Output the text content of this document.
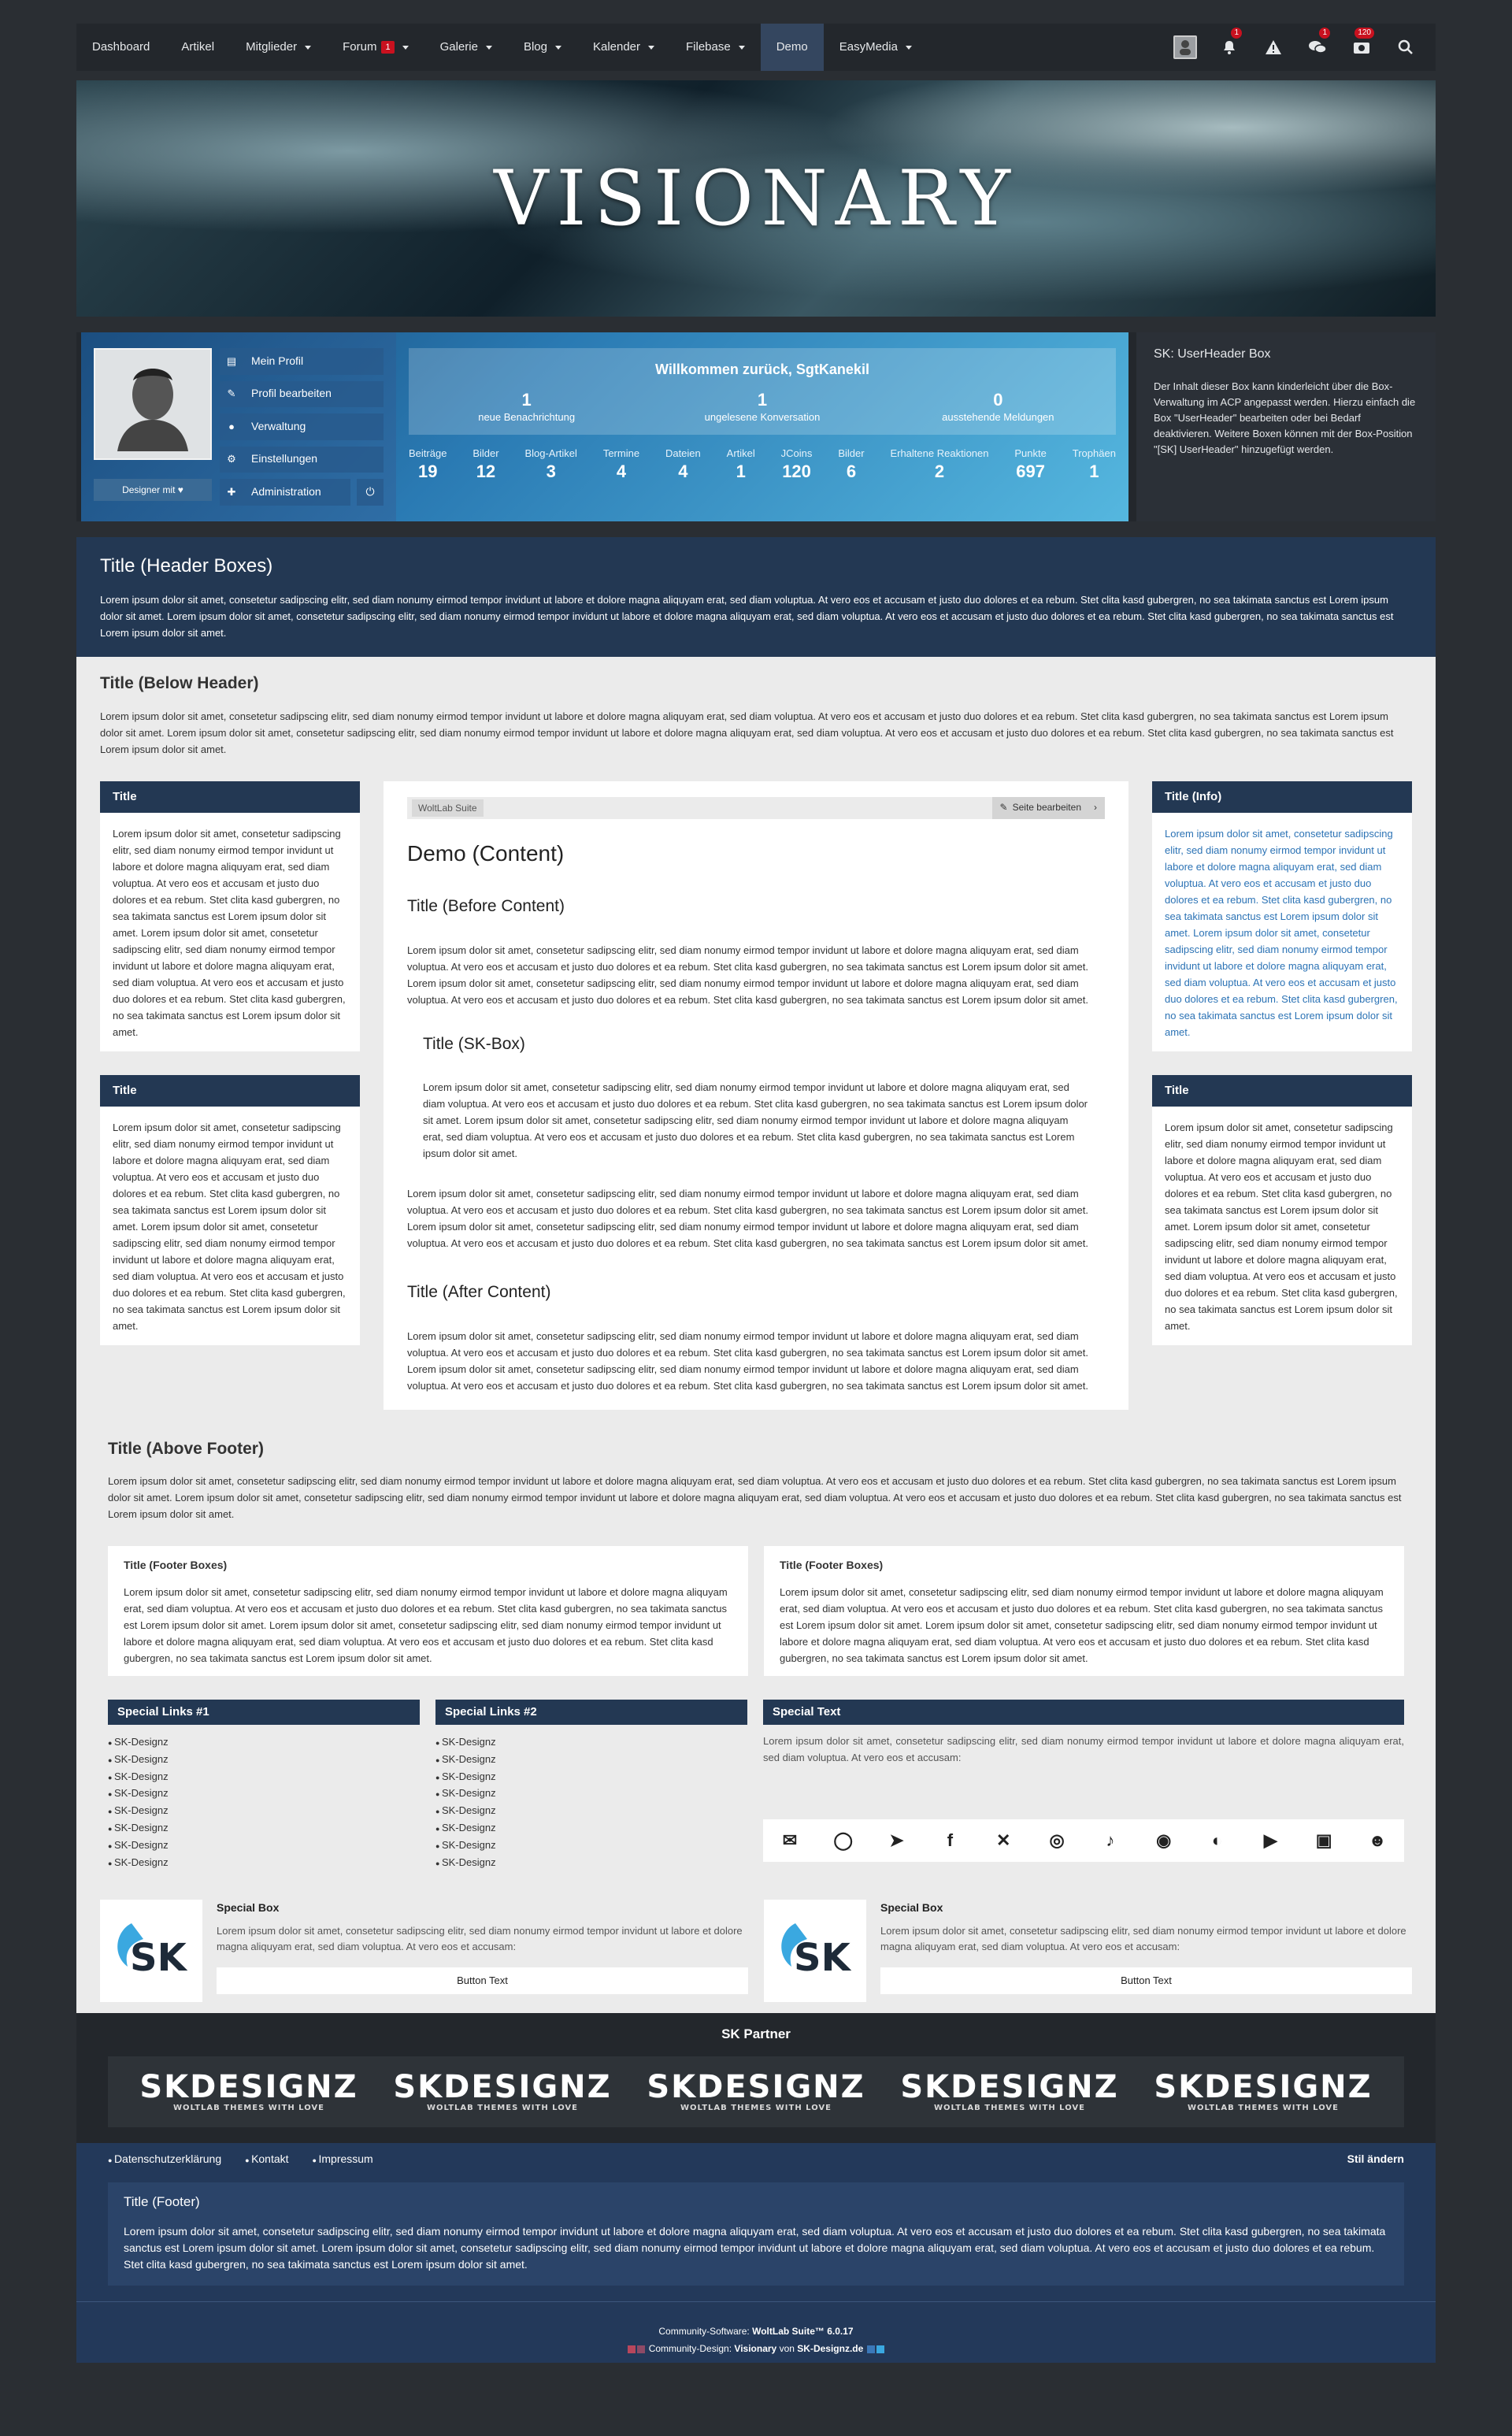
Dashboard	Artikel	Mitglieder	Forum	1	Galerie	Blog	Kalender	Filebase	Demo	EasyMedia
1	1	120
VISIONARY
Designer mit ♥
▤ Mein Profil
✎ Profil bearbeiten
●	Verwaltung
⚙ Einstellungen
✚ Administration	⏻
Willkommen zurück, SgtKanekil
1
neue Benachrichtung
1
ungelesene Konversation
0
ausstehende Meldungen
Beiträge
19
Bilder
12
Blog-Artikel
3
Termine
4
Dateien
4
Artikel
1
JCoins
120
Bilder
6
Erhaltene Reaktionen
2
Punkte
697
Trophäen
1
SK: UserHeader Box

Der Inhalt dieser Box kann kinderleicht über die Box-Verwaltung im ACP angepasst werden. Hierzu einfach die Box "UserHeader" bearbeiten oder bei Bedarf deaktivieren. Weitere Boxen können mit der Box-Position "[SK] UserHeader" hinzugefügt werden.

Title (Header Boxes)

Lorem ipsum dolor sit amet, consetetur sadipscing elitr, sed diam nonumy eirmod tempor invidunt ut labore et dolore magna aliquyam erat, sed diam voluptua. At vero eos et accusam et justo duo dolores et ea rebum. Stet clita kasd gubergren, no sea takimata sanctus est Lorem ipsum dolor sit amet. Lorem ipsum dolor sit amet, consetetur sadipscing elitr, sed diam nonumy eirmod tempor invidunt ut labore et dolore magna aliquyam erat, sed diam voluptua. At vero eos et accusam et justo duo dolores et ea rebum. Stet clita kasd gubergren, no sea takimata sanctus est Lorem ipsum dolor sit amet.

Title (Below Header)

Lorem ipsum dolor sit amet, consetetur sadipscing elitr, sed diam nonumy eirmod tempor invidunt ut labore et dolore magna aliquyam erat, sed diam voluptua. At vero eos et accusam et justo duo dolores et ea rebum. Stet clita kasd gubergren, no sea takimata sanctus est Lorem ipsum dolor sit amet. Lorem ipsum dolor sit amet, consetetur sadipscing elitr, sed diam nonumy eirmod tempor invidunt ut labore et dolore magna aliquyam erat, sed diam voluptua. At vero eos et accusam et justo duo dolores et ea rebum. Stet clita kasd gubergren, no sea takimata sanctus est Lorem ipsum dolor sit amet.

Title

Lorem ipsum dolor sit amet, consetetur sadipscing elitr, sed diam nonumy eirmod tempor invidunt ut labore et dolore magna aliquyam erat, sed diam voluptua. At vero eos et accusam et justo duo dolores et ea rebum. Stet clita kasd gubergren, no sea takimata sanctus est Lorem ipsum dolor sit amet. Lorem ipsum dolor sit amet, consetetur sadipscing elitr, sed diam nonumy eirmod tempor invidunt ut labore et dolore magna aliquyam erat, sed diam voluptua. At vero eos et accusam et justo duo dolores et ea rebum. Stet clita kasd gubergren, no sea takimata sanctus est Lorem ipsum dolor sit amet.

Title

Lorem ipsum dolor sit amet, consetetur sadipscing elitr, sed diam nonumy eirmod tempor invidunt ut labore et dolore magna aliquyam erat, sed diam voluptua. At vero eos et accusam et justo duo dolores et ea rebum. Stet clita kasd gubergren, no sea takimata sanctus est Lorem ipsum dolor sit amet. Lorem ipsum dolor sit amet, consetetur sadipscing elitr, sed diam nonumy eirmod tempor invidunt ut labore et dolore magna aliquyam erat, sed diam voluptua. At vero eos et accusam et justo duo dolores et ea rebum. Stet clita kasd gubergren, no sea takimata sanctus est Lorem ipsum dolor sit amet.

WoltLab Suite	✎ Seite bearbeiten ›
Demo (Content)
Title (Before Content)

Lorem ipsum dolor sit amet, consetetur sadipscing elitr, sed diam nonumy eirmod tempor invidunt ut labore et dolore magna aliquyam erat, sed diam voluptua. At vero eos et accusam et justo duo dolores et ea rebum. Stet clita kasd gubergren, no sea takimata sanctus est Lorem ipsum dolor sit amet. Lorem ipsum dolor sit amet, consetetur sadipscing elitr, sed diam nonumy eirmod tempor invidunt ut labore et dolore magna aliquyam erat, sed diam voluptua. At vero eos et accusam et justo duo dolores et ea rebum. Stet clita kasd gubergren, no sea takimata sanctus est Lorem ipsum dolor sit amet.

Title (SK-Box)

Lorem ipsum dolor sit amet, consetetur sadipscing elitr, sed diam nonumy eirmod tempor invidunt ut labore et dolore magna aliquyam erat, sed diam voluptua. At vero eos et accusam et justo duo dolores et ea rebum. Stet clita kasd gubergren, no sea takimata sanctus est Lorem ipsum dolor sit amet. Lorem ipsum dolor sit amet, consetetur sadipscing elitr, sed diam nonumy eirmod tempor invidunt ut labore et dolore magna aliquyam erat, sed diam voluptua. At vero eos et accusam et justo duo dolores et ea rebum. Stet clita kasd gubergren, no sea takimata sanctus est Lorem ipsum dolor sit amet.

Lorem ipsum dolor sit amet, consetetur sadipscing elitr, sed diam nonumy eirmod tempor invidunt ut labore et dolore magna aliquyam erat, sed diam voluptua. At vero eos et accusam et justo duo dolores et ea rebum. Stet clita kasd gubergren, no sea takimata sanctus est Lorem ipsum dolor sit amet. Lorem ipsum dolor sit amet, consetetur sadipscing elitr, sed diam nonumy eirmod tempor invidunt ut labore et dolore magna aliquyam erat, sed diam voluptua. At vero eos et accusam et justo duo dolores et ea rebum. Stet clita kasd gubergren, no sea takimata sanctus est Lorem ipsum dolor sit amet.

Title (After Content)

Lorem ipsum dolor sit amet, consetetur sadipscing elitr, sed diam nonumy eirmod tempor invidunt ut labore et dolore magna aliquyam erat, sed diam voluptua. At vero eos et accusam et justo duo dolores et ea rebum. Stet clita kasd gubergren, no sea takimata sanctus est Lorem ipsum dolor sit amet. Lorem ipsum dolor sit amet, consetetur sadipscing elitr, sed diam nonumy eirmod tempor invidunt ut labore et dolore magna aliquyam erat, sed diam voluptua. At vero eos et accusam et justo duo dolores et ea rebum. Stet clita kasd gubergren, no sea takimata sanctus est Lorem ipsum dolor sit amet.

Title (Info)

Lorem ipsum dolor sit amet, consetetur sadipscing elitr, sed diam nonumy eirmod tempor invidunt ut labore et dolore magna aliquyam erat, sed diam voluptua. At vero eos et accusam et justo duo dolores et ea rebum. Stet clita kasd gubergren, no sea takimata sanctus est Lorem ipsum dolor sit amet. Lorem ipsum dolor sit amet, consetetur sadipscing elitr, sed diam nonumy eirmod tempor invidunt ut labore et dolore magna aliquyam erat, sed diam voluptua. At vero eos et accusam et justo duo dolores et ea rebum. Stet clita kasd gubergren, no sea takimata sanctus est Lorem ipsum dolor sit amet.

Title

Lorem ipsum dolor sit amet, consetetur sadipscing elitr, sed diam nonumy eirmod tempor invidunt ut labore et dolore magna aliquyam erat, sed diam voluptua. At vero eos et accusam et justo duo dolores et ea rebum. Stet clita kasd gubergren, no sea takimata sanctus est Lorem ipsum dolor sit amet. Lorem ipsum dolor sit amet, consetetur sadipscing elitr, sed diam nonumy eirmod tempor invidunt ut labore et dolore magna aliquyam erat, sed diam voluptua. At vero eos et accusam et justo duo dolores et ea rebum. Stet clita kasd gubergren, no sea takimata sanctus est Lorem ipsum dolor sit amet.

Title (Above Footer)

Lorem ipsum dolor sit amet, consetetur sadipscing elitr, sed diam nonumy eirmod tempor invidunt ut labore et dolore magna aliquyam erat, sed diam voluptua. At vero eos et accusam et justo duo dolores et ea rebum. Stet clita kasd gubergren, no sea takimata sanctus est Lorem ipsum dolor sit amet. Lorem ipsum dolor sit amet, consetetur sadipscing elitr, sed diam nonumy eirmod tempor invidunt ut labore et dolore magna aliquyam erat, sed diam voluptua. At vero eos et accusam et justo duo dolores et ea rebum. Stet clita kasd gubergren, no sea takimata sanctus est Lorem ipsum dolor sit amet.

Title (Footer Boxes)

Lorem ipsum dolor sit amet, consetetur sadipscing elitr, sed diam nonumy eirmod tempor invidunt ut labore et dolore magna aliquyam erat, sed diam voluptua. At vero eos et accusam et justo duo dolores et ea rebum. Stet clita kasd gubergren, no sea takimata sanctus est Lorem ipsum dolor sit amet. Lorem ipsum dolor sit amet, consetetur sadipscing elitr, sed diam nonumy eirmod tempor invidunt ut labore et dolore magna aliquyam erat, sed diam voluptua. At vero eos et accusam et justo duo dolores et ea rebum. Stet clita kasd gubergren, no sea takimata sanctus est Lorem ipsum dolor sit amet.

Title (Footer Boxes)

Lorem ipsum dolor sit amet, consetetur sadipscing elitr, sed diam nonumy eirmod tempor invidunt ut labore et dolore magna aliquyam erat, sed diam voluptua. At vero eos et accusam et justo duo dolores et ea rebum. Stet clita kasd gubergren, no sea takimata sanctus est Lorem ipsum dolor sit amet. Lorem ipsum dolor sit amet, consetetur sadipscing elitr, sed diam nonumy eirmod tempor invidunt ut labore et dolore magna aliquyam erat, sed diam voluptua. At vero eos et accusam et justo duo dolores et ea rebum. Stet clita kasd gubergren, no sea takimata sanctus est Lorem ipsum dolor sit amet.

Special Links #1
● SK-Designz
● SK-Designz
● SK-Designz
● SK-Designz
● SK-Designz
● SK-Designz
● SK-Designz
● SK-Designz
Special Links #2
● SK-Designz
● SK-Designz
● SK-Designz
● SK-Designz
● SK-Designz
● SK-Designz
● SK-Designz
● SK-Designz
Special Text

Lorem ipsum dolor sit amet, consetetur sadipscing elitr, sed diam nonumy eirmod tempor invidunt ut labore et dolore magna aliquyam erat, sed diam voluptua. At vero eos et accusam:

✉	◯	➤	f	✕	◎	♪	◉	◐	▶	▣	☻
SK
Special Box

Lorem ipsum dolor sit amet, consetetur sadipscing elitr, sed diam nonumy eirmod tempor invidunt ut labore et dolore magna aliquyam erat, sed diam voluptua. At vero eos et accusam:

Button Text
SK
Special Box

Lorem ipsum dolor sit amet, consetetur sadipscing elitr, sed diam nonumy eirmod tempor invidunt ut labore et dolore magna aliquyam erat, sed diam voluptua. At vero eos et accusam:

Button Text
SK Partner
SKDESIGNZ
WOLTLAB THEMES WITH LOVE
SKDESIGNZ
WOLTLAB THEMES WITH LOVE
SKDESIGNZ
WOLTLAB THEMES WITH LOVE
SKDESIGNZ
WOLTLAB THEMES WITH LOVE
SKDESIGNZ
WOLTLAB THEMES WITH LOVE
● Datenschutzerklärung	● Kontakt	● Impressum	Stil ändern
Title (Footer)

Lorem ipsum dolor sit amet, consetetur sadipscing elitr, sed diam nonumy eirmod tempor invidunt ut labore et dolore magna aliquyam erat, sed diam voluptua. At vero eos et accusam et justo duo dolores et ea rebum. Stet clita kasd gubergren, no sea takimata sanctus est Lorem ipsum dolor sit amet. Lorem ipsum dolor sit amet, consetetur sadipscing elitr, sed diam nonumy eirmod tempor invidunt ut labore et dolore magna aliquyam erat, sed diam voluptua. At vero eos et accusam et justo duo dolores et ea rebum. Stet clita kasd gubergren, no sea takimata sanctus est Lorem ipsum dolor sit amet.

Community-Software: WoltLab Suite™ 6.0.17
Community-Design: Visionary von SK-Designz.de
